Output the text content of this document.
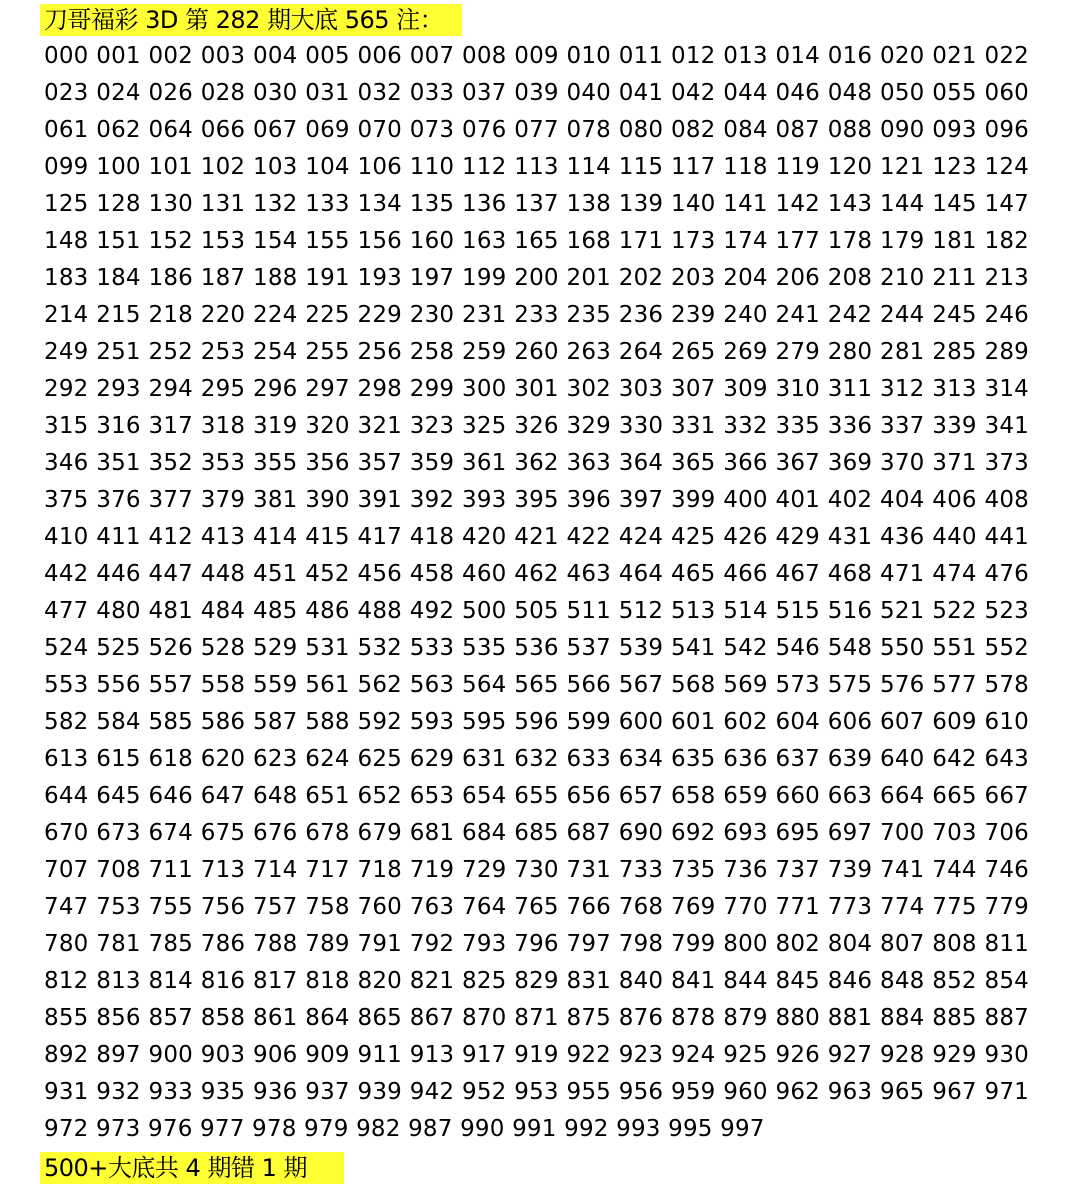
刀哥福彩 3D 第 282 期大底 565 注：
000 001 002 003 004 005 006 007 008 009 010 011 012 013 014 016 020 021 022
023 024 026 028 030 031 032 033 037 039 040 041 042 044 046 048 050 055 060
061 062 064 066 067 069 070 073 076 077 078 080 082 084 087 088 090 093 096
099 100 101 102 103 104 106 110 112 113 114 115 117 118 119 120 121 123 124
125 128 130 131 132 133 134 135 136 137 138 139 140 141 142 143 144 145 147
148 151 152 153 154 155 156 160 163 165 168 171 173 174 177 178 179 181 182
183 184 186 187 188 191 193 197 199 200 201 202 203 204 206 208 210 211 213
214 215 218 220 224 225 229 230 231 233 235 236 239 240 241 242 244 245 246
249 251 252 253 254 255 256 258 259 260 263 264 265 269 279 280 281 285 289
292 293 294 295 296 297 298 299 300 301 302 303 307 309 310 311 312 313 314
315 316 317 318 319 320 321 323 325 326 329 330 331 332 335 336 337 339 341
346 351 352 353 355 356 357 359 361 362 363 364 365 366 367 369 370 371 373
375 376 377 379 381 390 391 392 393 395 396 397 399 400 401 402 404 406 408
410 411 412 413 414 415 417 418 420 421 422 424 425 426 429 431 436 440 441
442 446 447 448 451 452 456 458 460 462 463 464 465 466 467 468 471 474 476
477 480 481 484 485 486 488 492 500 505 511 512 513 514 515 516 521 522 523
524 525 526 528 529 531 532 533 535 536 537 539 541 542 546 548 550 551 552
553 556 557 558 559 561 562 563 564 565 566 567 568 569 573 575 576 577 578
582 584 585 586 587 588 592 593 595 596 599 600 601 602 604 606 607 609 610
613 615 618 620 623 624 625 629 631 632 633 634 635 636 637 639 640 642 643
644 645 646 647 648 651 652 653 654 655 656 657 658 659 660 663 664 665 667
670 673 674 675 676 678 679 681 684 685 687 690 692 693 695 697 700 703 706
707 708 711 713 714 717 718 719 729 730 731 733 735 736 737 739 741 744 746
747 753 755 756 757 758 760 763 764 765 766 768 769 770 771 773 774 775 779
780 781 785 786 788 789 791 792 793 796 797 798 799 800 802 804 807 808 811
812 813 814 816 817 818 820 821 825 829 831 840 841 844 845 846 848 852 854
855 856 857 858 861 864 865 867 870 871 875 876 878 879 880 881 884 885 887
892 897 900 903 906 909 911 913 917 919 922 923 924 925 926 927 928 929 930
931 932 933 935 936 937 939 942 952 953 955 956 959 960 962 963 965 967 971
972 973 976 977 978 979 982 987 990 991 992 993 995 997
500+大底共 4 期错 1 期
